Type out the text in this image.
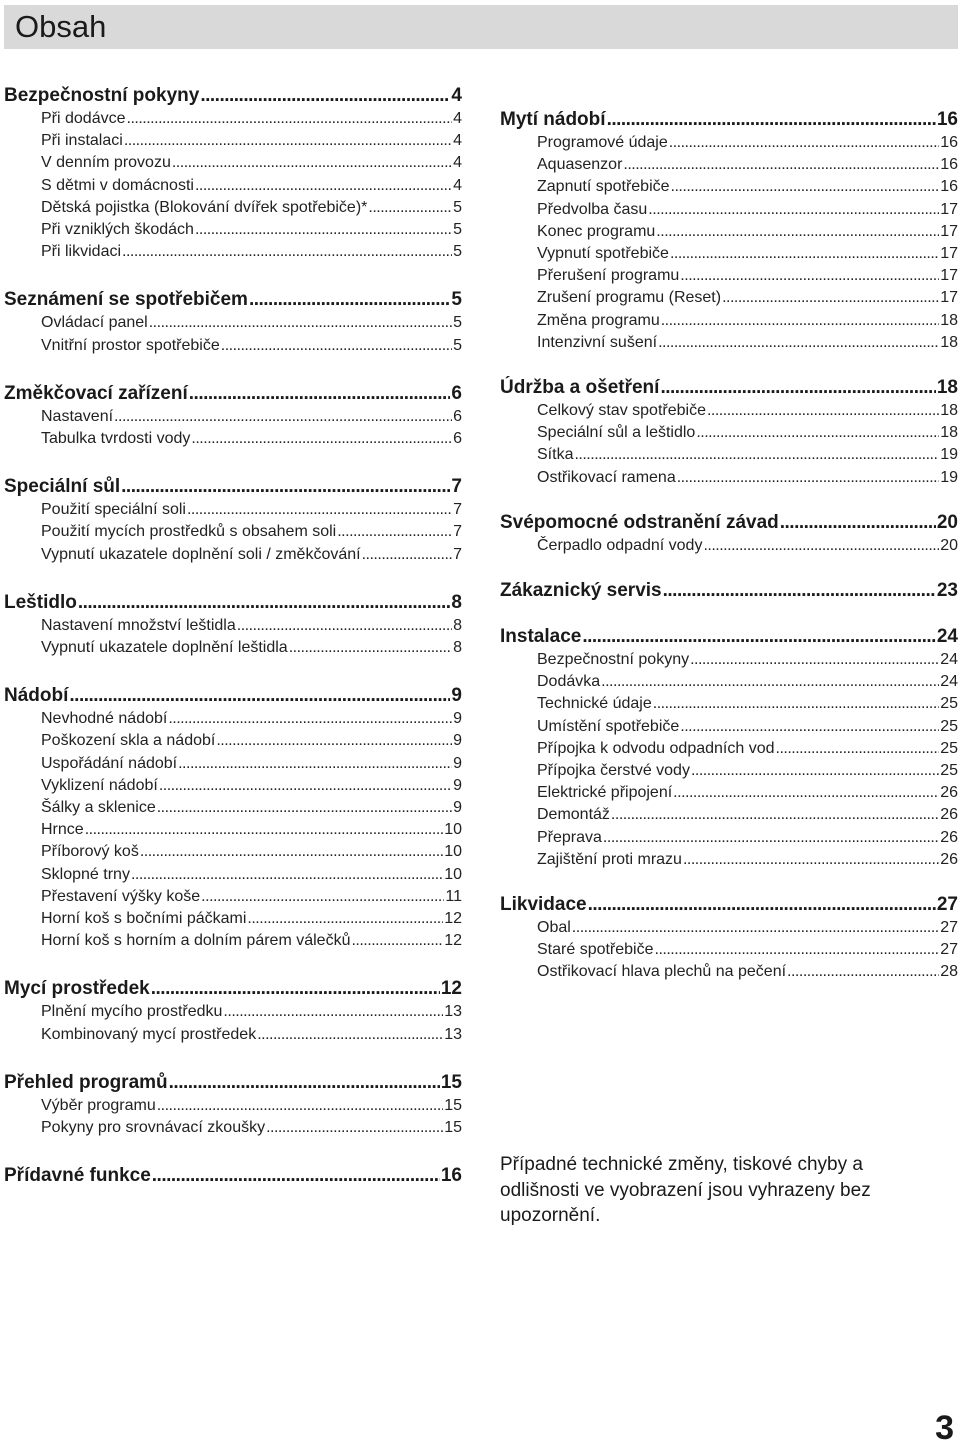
Obsah
Bezpečnostní pokyny .....	4
Při dodávce .....	4
Při instalaci .....	4
V denním provozu .....	4
S dětmi v domácnosti .....	4
Dětská pojistka (Blokování dvířek spotřebiče)* .....	5
Při vzniklých škodách .....	5
Při likvidaci .....	5
Seznámení se spotřebičem .....	5
Ovládací panel .....	5
Vnitřní prostor spotřebiče .....	5
Změkčovací zařízení .....	6
Nastavení .....	6
Tabulka tvrdosti vody .....	6
Speciální sůl .....	7
Použití speciální soli .....	7
Použití mycích prostředků s obsahem soli .....	7
Vypnutí ukazatele doplnění soli / změkčování .....	7
Leštidlo .....	8
Nastavení množství leštidla .....	8
Vypnutí ukazatele doplnění leštidla .....	8
Nádobí .....	9
Nevhodné nádobí .....	9
Poškození skla a nádobí .....	9
Uspořádání nádobí .....	9
Vyklizení nádobí .....	9
Šálky a sklenice .....	9
Hrnce .....	10
Příborový koš .....	10
Sklopné trny .....	10
Přestavení výšky koše .....	11
Horní koš s bočními páčkami .....	12
Horní koš s horním a dolním párem válečků .....	12
Mycí prostředek .....	12
Plnění mycího prostředku .....	13
Kombinovaný mycí prostředek .....	13
Přehled programů .....	15
Výběr programu .....	15
Pokyny pro srovnávací zkoušky .....	15
Přídavné funkce .....	16
Mytí nádobí .....	16
Programové údaje .....	16
Aquasenzor .....	16
Zapnutí spotřebiče .....	16
Předvolba času .....	17
Konec programu .....	17
Vypnutí spotřebiče .....	17
Přerušení programu .....	17
Zrušení programu (Reset) .....	17
Změna programu .....	18
Intenzivní sušení .....	18
Údržba a ošetření .....	18
Celkový stav spotřebiče .....	18
Speciální sůl a leštidlo .....	18
Sítka .....	19
Ostřikovací ramena .....	19
Svépomocné odstranění závad .....	20
Čerpadlo odpadní vody .....	20
Zákaznický servis .....	23
Instalace .....	24
Bezpečnostní pokyny .....	24
Dodávka .....	24
Technické údaje .....	25
Umístění spotřebiče .....	25
Přípojka k odvodu odpadních vod .....	25
Přípojka čerstvé vody .....	25
Elektrické připojení .....	26
Demontáž .....	26
Přeprava .....	26
Zajištění proti mrazu .....	26
Likvidace .....	27
Obal .....	27
Staré spotřebiče .....	27
Ostřikovací hlava plechů na pečení .....	28
Případné technické změny, tiskové chyby a odlišnosti ve vyobrazení jsou vyhrazeny bez upozornění.
3
